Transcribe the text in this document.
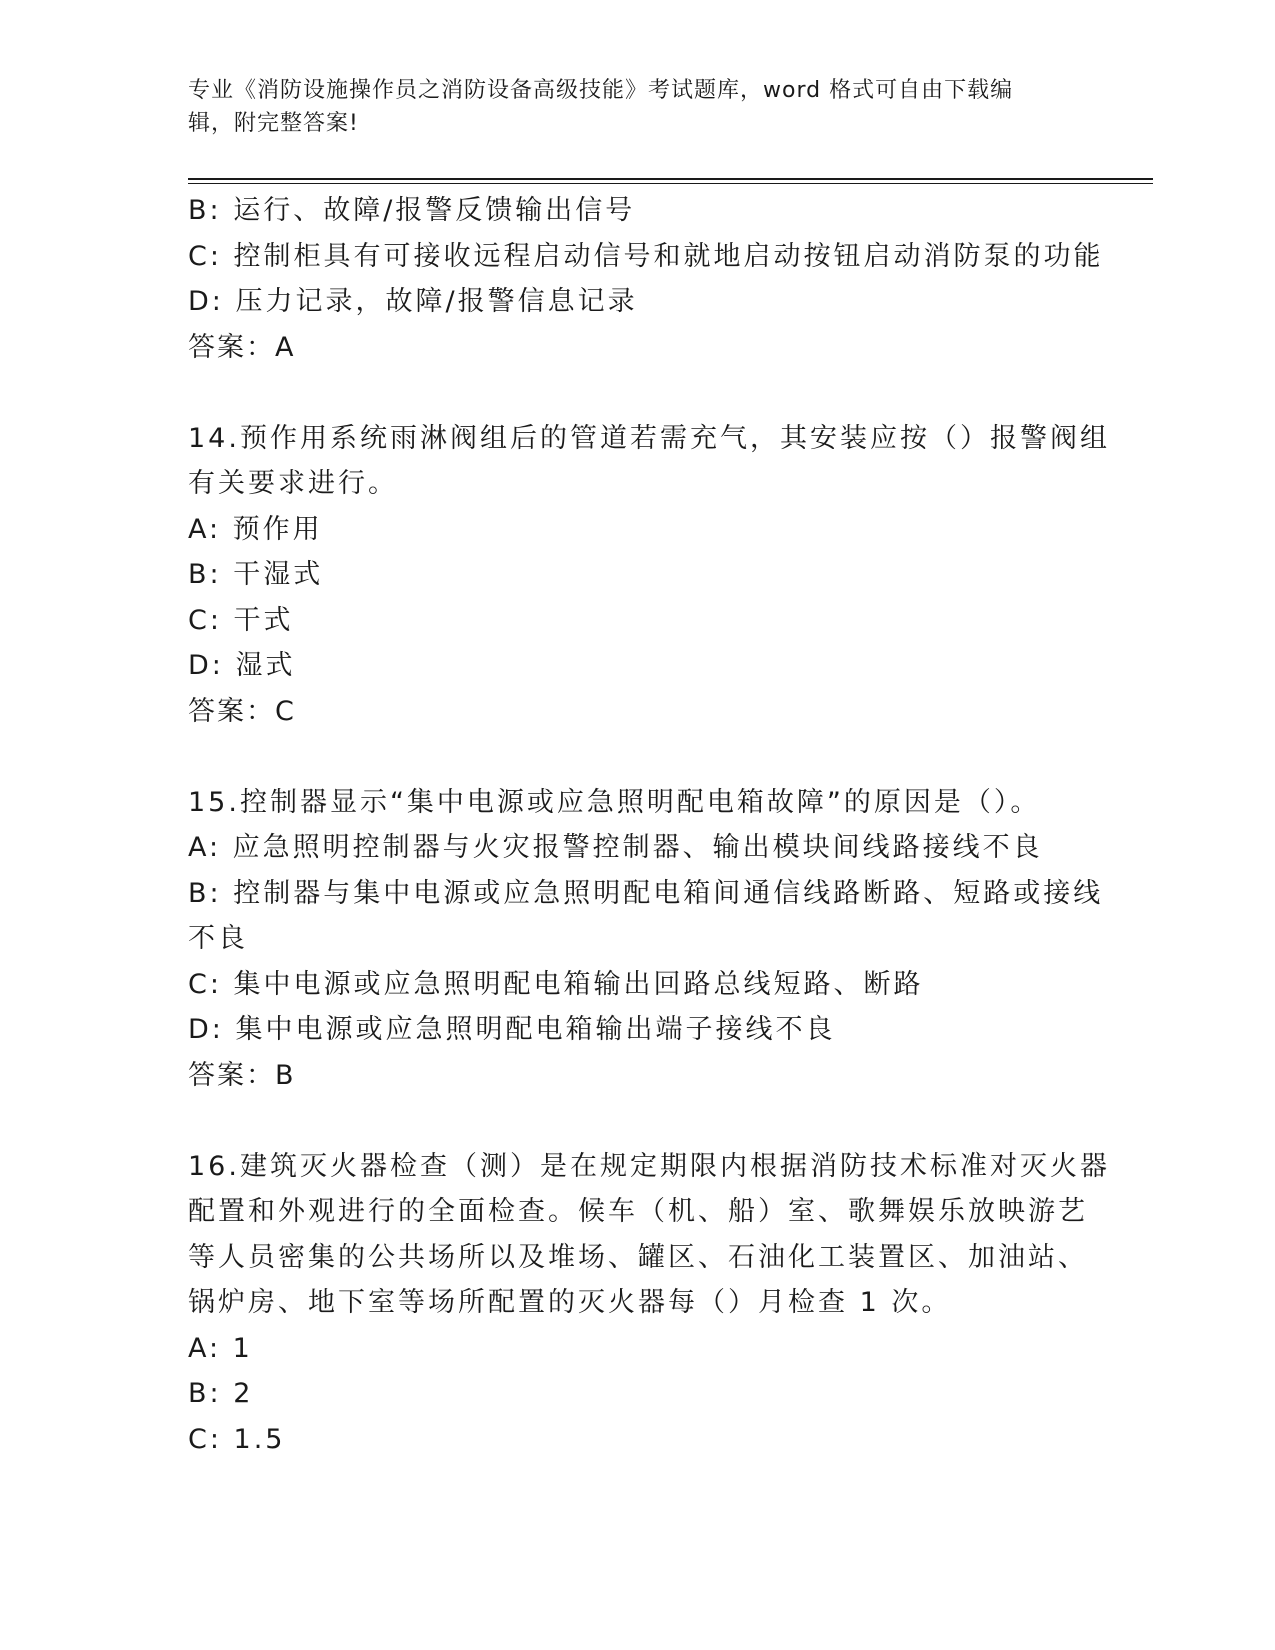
专业《消防设施操作员之消防设备高级技能》考试题库，word 格式可自由下载编
辑，附完整答案!
B: 运行、故障/报警反馈输出信号
C: 控制柜具有可接收远程启动信号和就地启动按钮启动消防泵的功能
D: 压力记录，故障/报警信息记录
答案：A
14.预作用系统雨淋阀组后的管道若需充气，其安装应按（）报警阀组
有关要求进行。
A: 预作用
B: 干湿式
C: 干式
D: 湿式
答案：C
15.控制器显示“集中电源或应急照明配电箱故障”的原因是（）。
A: 应急照明控制器与火灾报警控制器、输出模块间线路接线不良
B: 控制器与集中电源或应急照明配电箱间通信线路断路、短路或接线
不良
C: 集中电源或应急照明配电箱输出回路总线短路、断路
D: 集中电源或应急照明配电箱输出端子接线不良
答案：B
16.建筑灭火器检查（测）是在规定期限内根据消防技术标准对灭火器
配置和外观进行的全面检查。候车（机、船）室、歌舞娱乐放映游艺
等人员密集的公共场所以及堆场、罐区、石油化工装置区、加油站、
锅炉房、地下室等场所配置的灭火器每（）月检查 1 次。
A: 1
B: 2
C: 1.5
